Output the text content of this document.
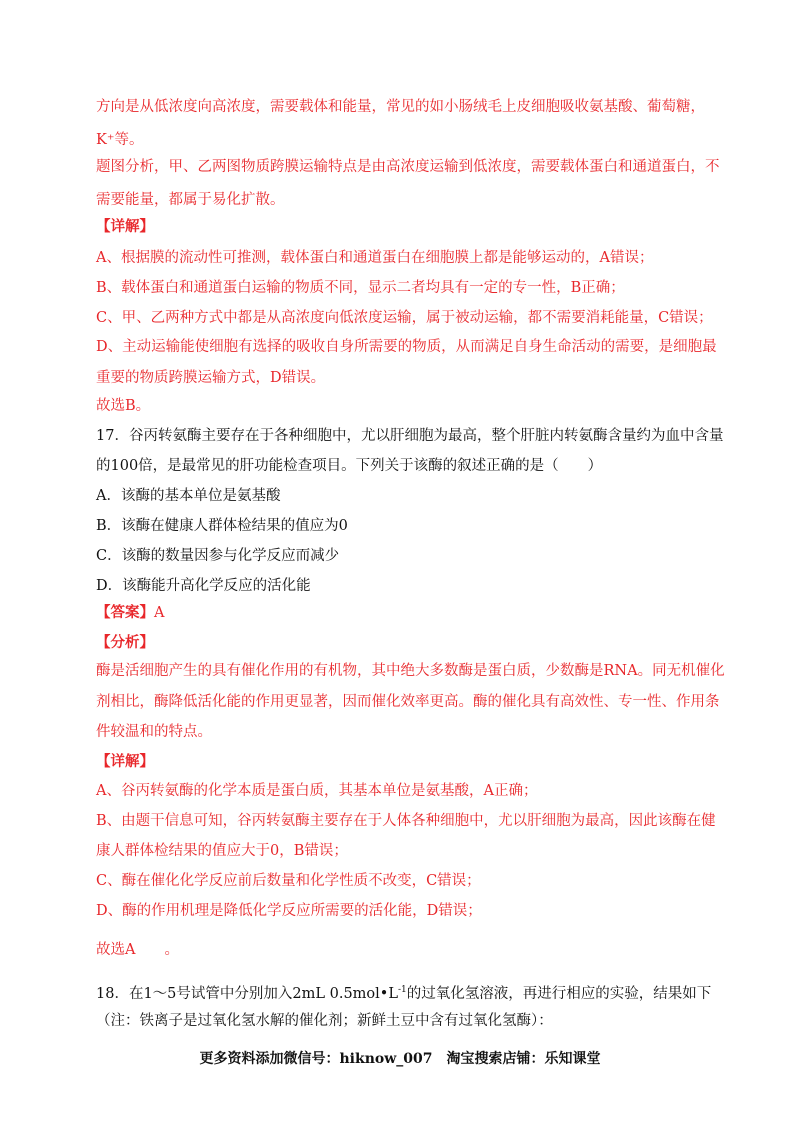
方向是从低浓度向高浓度，需要载体和能量，常见的如小肠绒毛上皮细胞吸收氨基酸、葡萄糖，
K⁺等。
题图分析，甲、乙两图物质跨膜运输特点是由高浓度运输到低浓度，需要载体蛋白和通道蛋白，不
需要能量，都属于易化扩散。
【详解】
A、根据膜的流动性可推测，载体蛋白和通道蛋白在细胞膜上都是能够运动的，A错误；
B、载体蛋白和通道蛋白运输的物质不同，显示二者均具有一定的专一性，B正确；
C、甲、乙两种方式中都是从高浓度向低浓度运输，属于被动运输，都不需要消耗能量，C错误；
D、主动运输能使细胞有选择的吸收自身所需要的物质，从而满足自身生命活动的需要，是细胞最
重要的物质跨膜运输方式，D错误。
故选B。
17．谷丙转氨酶主要存在于各种细胞中，尤以肝细胞为最高，整个肝脏内转氨酶含量约为血中含量
的100倍，是最常见的肝功能检查项目。下列关于该酶的叙述正确的是（　　）
A．该酶的基本单位是氨基酸
B．该酶在健康人群体检结果的值应为0
C．该酶的数量因参与化学反应而减少
D．该酶能升高化学反应的活化能
【答案】A
【分析】
酶是活细胞产生的具有催化作用的有机物，其中绝大多数酶是蛋白质，少数酶是RNA。同无机催化
剂相比，酶降低活化能的作用更显著，因而催化效率更高。酶的催化具有高效性、专一性、作用条
件较温和的特点。
【详解】
A、谷丙转氨酶的化学本质是蛋白质，其基本单位是氨基酸，A正确；
B、由题干信息可知，谷丙转氨酶主要存在于人体各种细胞中，尤以肝细胞为最高，因此该酶在健
康人群体检结果的值应大于0，B错误；
C、酶在催化化学反应前后数量和化学性质不改变，C错误；
D、酶的作用机理是降低化学反应所需要的活化能，D错误；
故选A　　。
18．在1～5号试管中分别加入2mL $0.5mol•L^{-1}$的过氧化氢溶液，再进行相应的实验，结果如下
（注：铁离子是过氧化氢水解的催化剂；新鲜土豆中含有过氧化氢酶）：
更多资料添加微信号：hiknow_007　淘宝搜索店铺：乐知课堂
